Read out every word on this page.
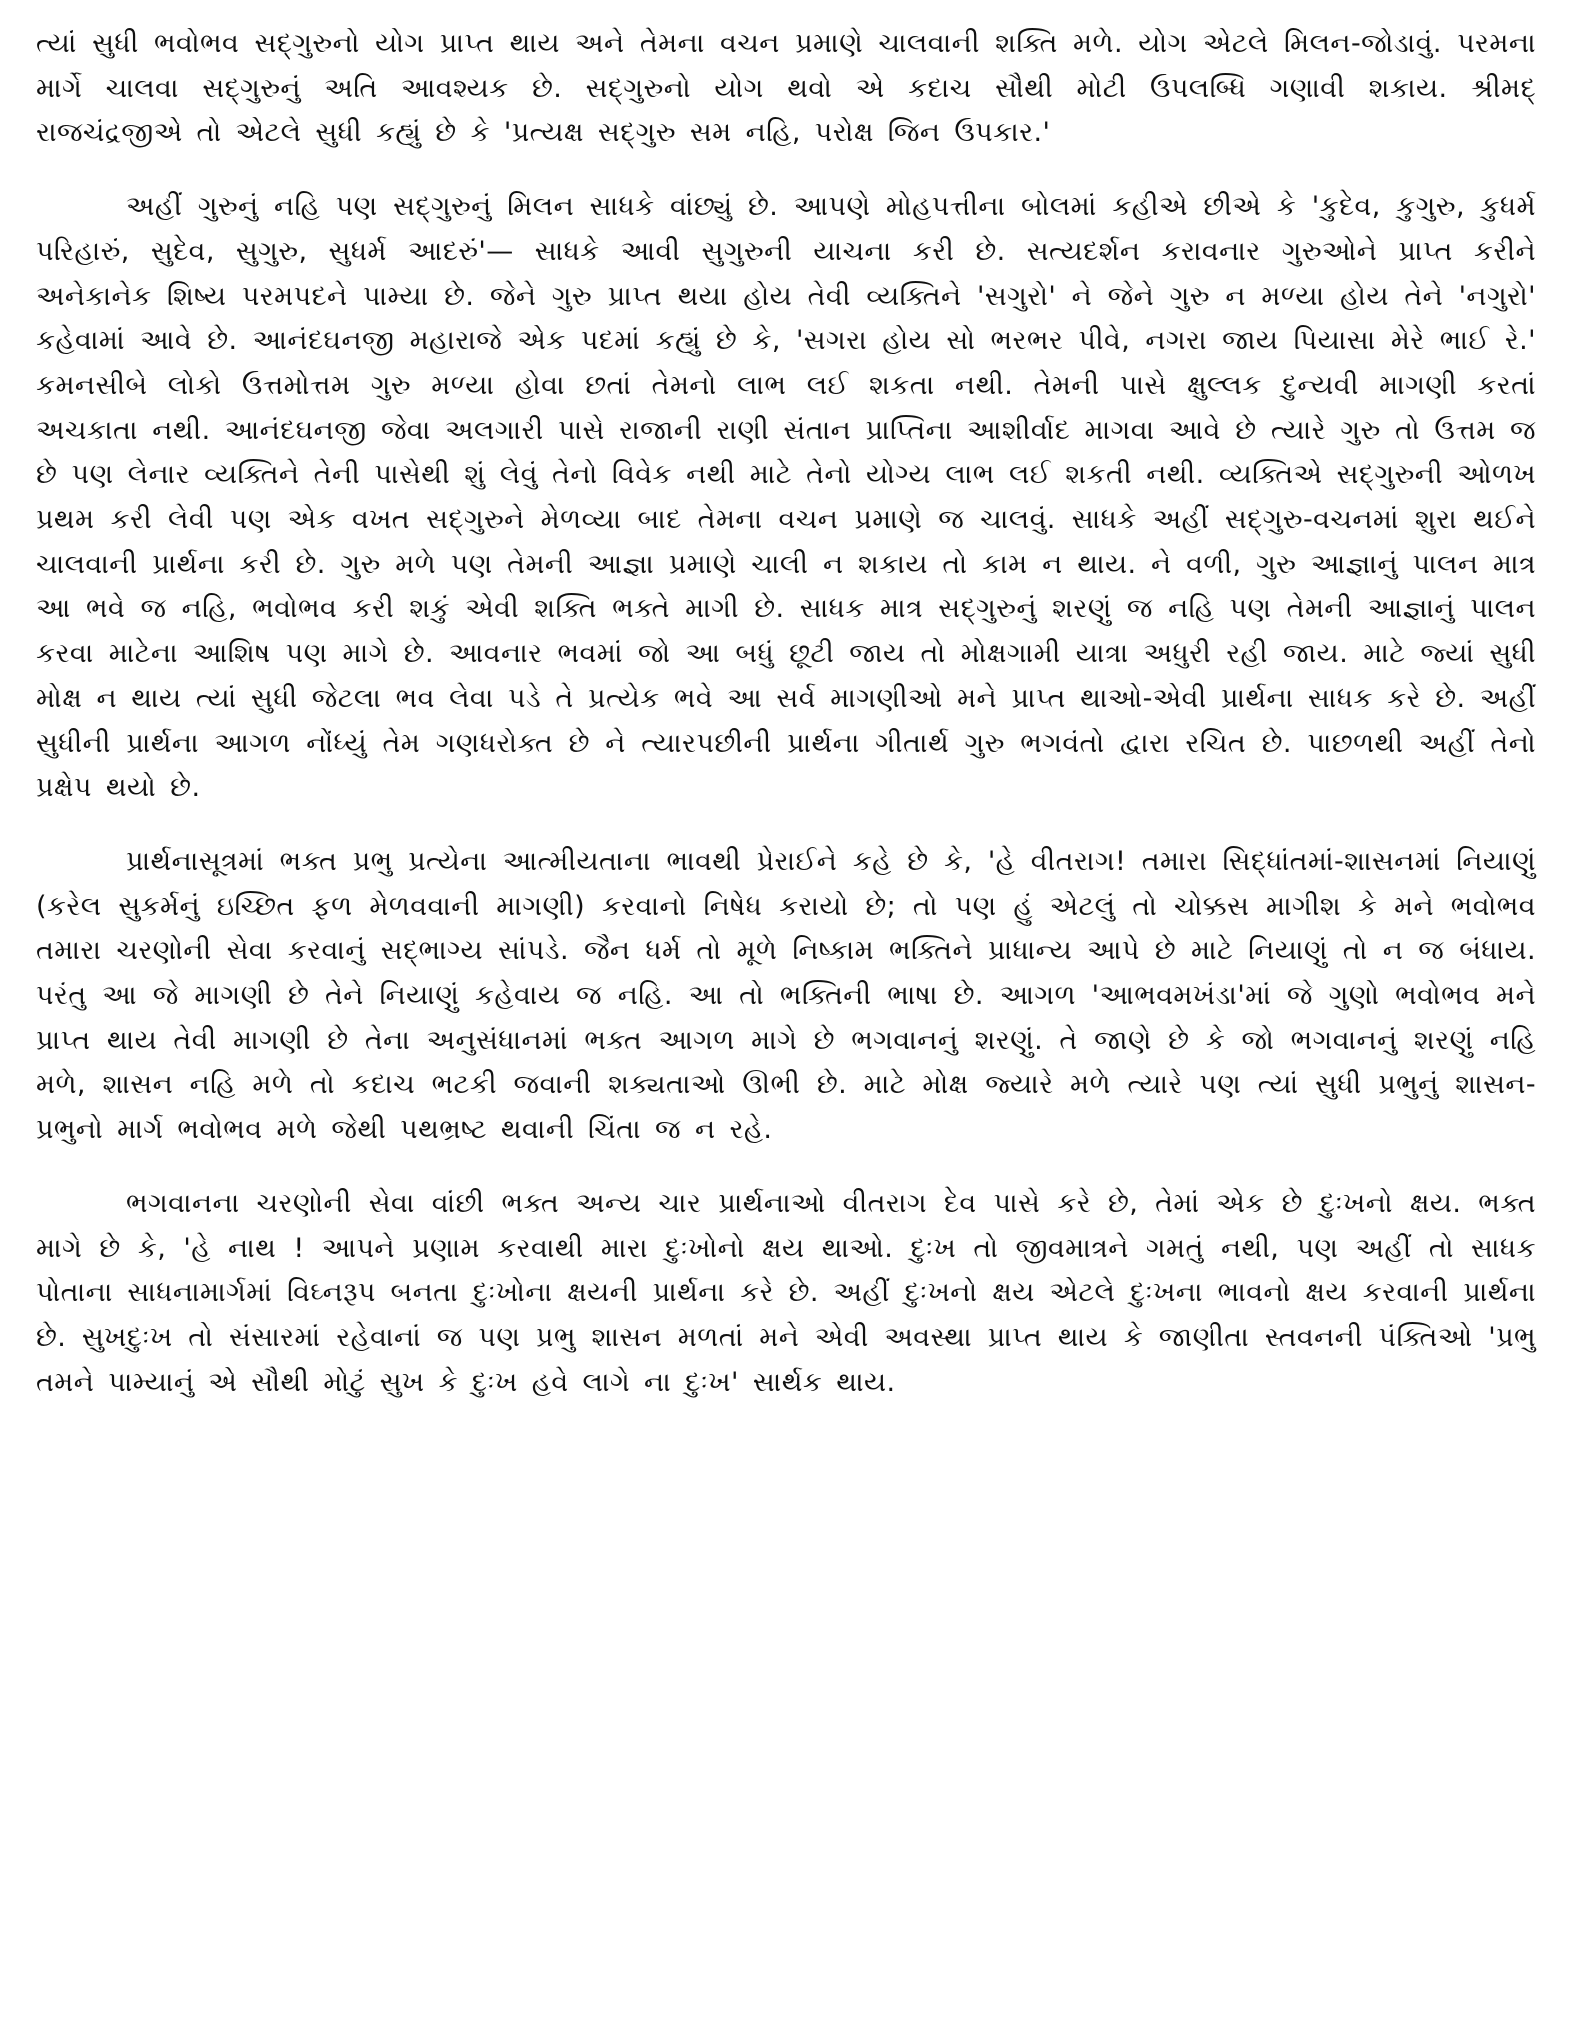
ત્યાં સુધી ભવોભવ સદ્‌ગુરુનો યોગ પ્રાપ્ત થાય અને તેમના વચન પ્રમાણે ચાલવાની શક્તિ મળે. યોગ એટલે મિલન-જોડાવું. પરમના માર્ગે ચાલવા સદ્‌ગુરુનું અતિ આવશ્યક છે. સદ્‌ગુરુનો યોગ થવો એ કદાચ સૌથી મોટી ઉપલબ્ધિ ગણાવી શકાય. શ્રીમદ્‌ રાજચંદ્રજીએ તો એટલે સુધી કહ્યું છે કે 'પ્રત્યક્ષ સદ્‌ગુરુ સમ નહિ, પરોક્ષ જિન ઉપકાર.'

અહીં ગુરુનું નહિ પણ સદ્‌ગુરુનું મિલન સાધકે વાંછ્યું છે. આપણે મોહપત્તીના બોલમાં કહીએ છીએ કે 'કુદેવ, કુગુરુ, કુધર્મ પરિહારું, સુદેવ, સુગુરુ, સુધર્મ આદરું'— સાધકે આવી સુગુરુની યાચના કરી છે. સત્યદર્શન કરાવનાર ગુરુઓને પ્રાપ્ત કરીને અનેકાનેક શિષ્ય પરમપદને પામ્યા છે. જેને ગુરુ પ્રાપ્ત થયા હોય તેવી વ્યક્તિને 'સગુરો' ને જેને ગુરુ ન મળ્યા હોય તેને 'નગુરો' કહેવામાં આવે છે. આનંદઘનજી મહારાજે એક પદમાં કહ્યું છે કે, 'સગરા હોય સો ભરભર પીવે, નગરા જાય પિયાસા મેરે ભાઈ રે.' કમનસીબે લોકો ઉત્તમોત્તમ ગુરુ મળ્યા હોવા છતાં તેમનો લાભ લઈ શકતા નથી. તેમની પાસે ક્ષુલ્લક દુન્યવી માગણી કરતાં અચકાતા નથી. આનંદઘનજી જેવા અલગારી પાસે રાજાની રાણી સંતાન પ્રાપ્તિના આશીર્વાદ માગવા આવે છે ત્યારે ગુરુ તો ઉત્તમ જ છે પણ લેનાર વ્યક્તિને તેની પાસેથી શું લેવું તેનો વિવેક નથી માટે તેનો યોગ્ય લાભ લઈ શકતી નથી. વ્યક્તિએ સદ્‌ગુરુની ઓળખ પ્રથમ કરી લેવી પણ એક વખત સદ્‌ગુરુને મેળવ્યા બાદ તેમના વચન પ્રમાણે જ ચાલવું. સાધકે અહીં સદ્‌ગુરુ-વચનમાં શુરા થઈને ચાલવાની પ્રાર્થના કરી છે. ગુરુ મળે પણ તેમની આજ્ઞા પ્રમાણે ચાલી ન શકાય તો કામ ન થાય. ને વળી, ગુરુ આજ્ઞાનું પાલન માત્ર આ ભવે જ નહિ, ભવોભવ કરી શકું એવી શક્તિ ભક્તે માગી છે. સાધક માત્ર સદ્‌ગુરુનું શરણું જ નહિ પણ તેમની આજ્ઞાનું પાલન કરવા માટેના આશિષ પણ માગે છે. આવનાર ભવમાં જો આ બધું છૂટી જાય તો મોક્ષગામી યાત્રા અધુરી રહી જાય. માટે જ્યાં સુધી મોક્ષ ન થાય ત્યાં સુધી જેટલા ભવ લેવા પડે તે પ્રત્યેક ભવે આ સર્વ માગણીઓ મને પ્રાપ્ત થાઓ-એવી પ્રાર્થના સાધક કરે છે. અહીં સુધીની પ્રાર્થના આગળ નોંધ્યું તેમ ગણધરોક્ત છે ને ત્યારપછીની પ્રાર્થના ગીતાર્થ ગુરુ ભગવંતો દ્વારા રચિત છે. પાછળથી અહીં તેનો પ્રક્ષેપ થયો છે.

પ્રાર્થનાસૂત્રમાં ભક્ત પ્રભુ પ્રત્યેના આત્મીયતાના ભાવથી પ્રેરાઈને કહે છે કે, 'હે વીતરાગ! તમારા સિદ્ધાંતમાં-શાસનમાં નિયાણું (કરેલ સુકર્મનું ઇચ્છિત ફળ મેળવવાની માગણી) કરવાનો નિષેધ કરાયો છે; તો પણ હું એટલું તો ચોક્કસ માગીશ કે મને ભવોભવ તમારા ચરણોની સેવા કરવાનું સદ્‌ભાગ્ય સાંપડે. જૈન ધર્મ તો મૂળે નિષ્કામ ભક્તિને પ્રાધાન્ય આપે છે માટે નિયાણું તો ન જ બંધાય. પરંતુ આ જે માગણી છે તેને નિયાણું કહેવાય જ નહિ. આ તો ભક્તિની ભાષા છે. આગળ 'આભવમખંડા'માં જે ગુણો ભવોભવ મને પ્રાપ્ત થાય તેવી માગણી છે તેના અનુસંધાનમાં ભક્ત આગળ માગે છે ભગવાનનું શરણું. તે જાણે છે કે જો ભગવાનનું શરણું નહિ મળે, શાસન નહિ મળે તો કદાચ ભટકી જવાની શક્યતાઓ ઊભી છે. માટે મોક્ષ જ્યારે મળે ત્યારે પણ ત્યાં સુધી પ્રભુનું શાસન-પ્રભુનો માર્ગ ભવોભવ મળે જેથી પથભ્રષ્ટ થવાની ચિંતા જ ન રહે.

ભગવાનના ચરણોની સેવા વાંછી ભક્ત અન્ય ચાર પ્રાર્થનાઓ વીતરાગ દેવ પાસે કરે છે, તેમાં એક છે દુઃખનો ક્ષય. ભક્ત માગે છે કે, 'હે નાથ ! આપને પ્રણામ કરવાથી મારા દુઃખોનો ક્ષય થાઓ. દુઃખ તો જીવમાત્રને ગમતું નથી, પણ અહીં તો સાધક પોતાના સાધનામાર્ગમાં વિઘ્નરૂપ બનતા દુઃખોના ક્ષયની પ્રાર્થના કરે છે. અહીં દુઃખનો ક્ષય એટલે દુઃખના ભાવનો ક્ષય કરવાની પ્રાર્થના છે. સુખદુઃખ તો સંસારમાં રહેવાનાં જ પણ પ્રભુ શાસન મળતાં મને એવી અવસ્થા પ્રાપ્ત થાય કે જાણીતા સ્તવનની પંક્તિઓ 'પ્રભુ તમને પામ્યાનું એ સૌથી મોટું સુખ કે દુઃખ હવે લાગે ના દુઃખ' સાર્થક થાય.
